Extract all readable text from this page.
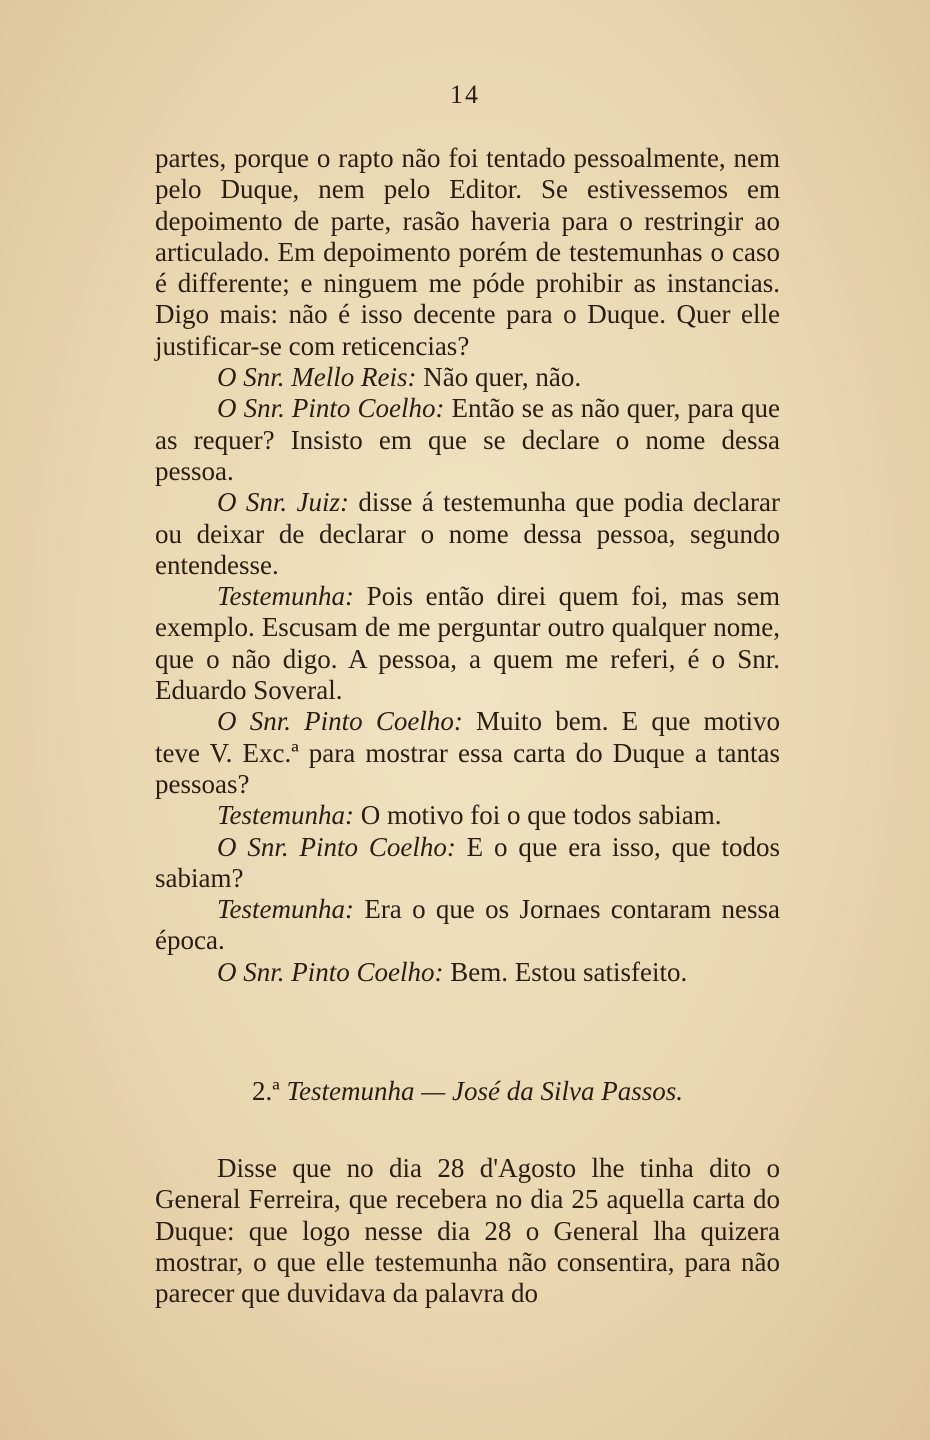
14

partes, porque o rapto não foi tentado pessoalmente, nem pelo Duque, nem pelo Editor. Se estivessemos em depoimento de parte, rasão haveria para o restringir ao articulado. Em depoimento porém de testemunhas o caso é differente; e ninguem me póde prohibir as instancias. Digo mais: não é isso decente para o Duque. Quer elle justificar-se com reticencias?

O Snr. Mello Reis: Não quer, não.

O Snr. Pinto Coelho: Então se as não quer, para que as requer? Insisto em que se declare o nome dessa pessoa.

O Snr. Juiz: disse á testemunha que podia declarar ou deixar de declarar o nome dessa pessoa, segundo entendesse.

Testemunha: Pois então direi quem foi, mas sem exemplo. Escusam de me perguntar outro qualquer nome, que o não digo. A pessoa, a quem me referi, é o Snr. Eduardo Soveral.

O Snr. Pinto Coelho: Muito bem. E que motivo teve V. Exc.ª para mostrar essa carta do Duque a tantas pessoas?

Testemunha: O motivo foi o que todos sabiam.

O Snr. Pinto Coelho: E o que era isso, que todos sabiam?

Testemunha: Era o que os Jornaes contaram nessa época.

O Snr. Pinto Coelho: Bem. Estou satisfeito.

2.ª Testemunha — José da Silva Passos.

Disse que no dia 28 d'Agosto lhe tinha dito o General Ferreira, que recebera no dia 25 aquella carta do Duque: que logo nesse dia 28 o General lha quizera mostrar, o que elle testemunha não consentira, para não parecer que duvidava da palavra do
